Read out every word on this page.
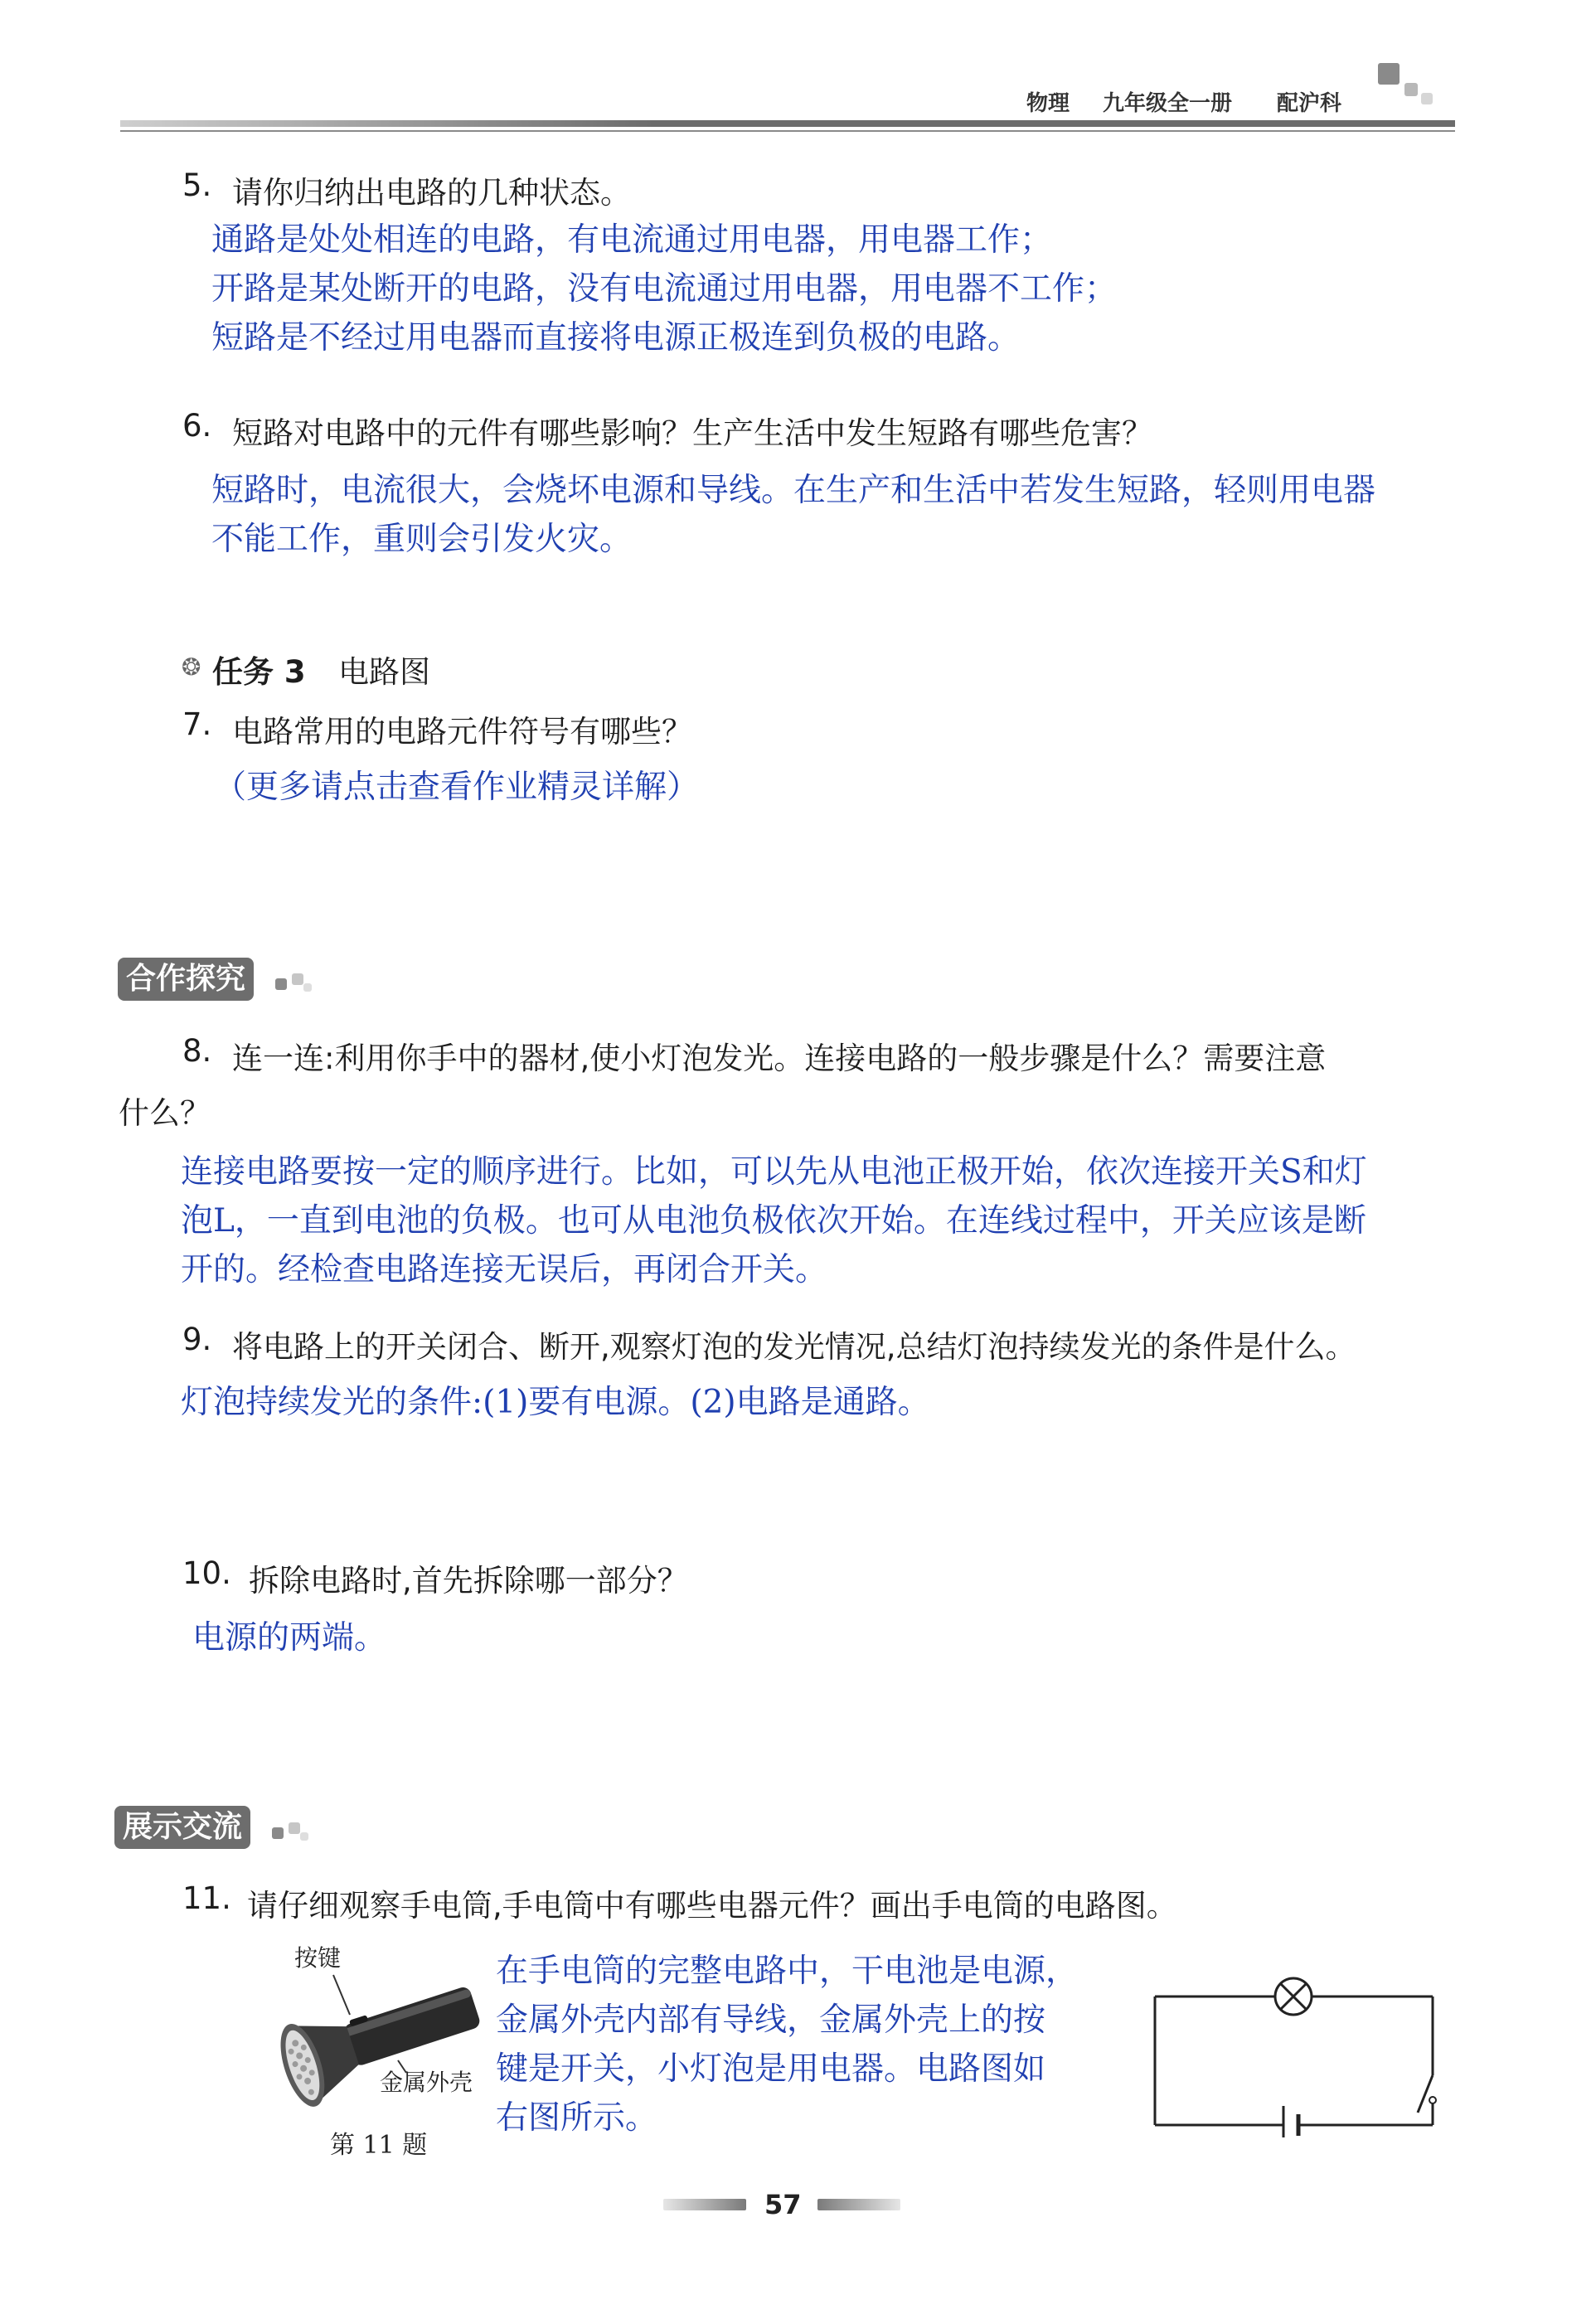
物理 九年级全一册 配沪科
5. 请你归纳出电路的几种状态。
通路是处处相连的电路，有电流通过用电器，用电器工作；
开路是某处断开的电路，没有电流通过用电器，用电器不工作；
短路是不经过用电器而直接将电源正极连到负极的电路。
6. 短路对电路中的元件有哪些影响？生产生活中发生短路有哪些危害？
短路时，电流很大，会烧坏电源和导线。在生产和生活中若发生短路，轻则用电器
不能工作，重则会引发火灾。
❂ 任务 3 电路图
7. 电路常用的电路元件符号有哪些？
（更多请点击查看作业精灵详解）
合作探究
8. 连一连:利用你手中的器材,使小灯泡发光。连接电路的一般步骤是什么？需要注意
什么？
连接电路要按一定的顺序进行。比如，可以先从电池正极开始，依次连接开关S和灯
泡L，一直到电池的负极。也可从电池负极依次开始。在连线过程中，开关应该是断
开的。经检查电路连接无误后，再闭合开关。
9. 将电路上的开关闭合、断开,观察灯泡的发光情况,总结灯泡持续发光的条件是什么。
灯泡持续发光的条件:(1)要有电源。(2)电路是通路。
10. 拆除电路时,首先拆除哪一部分？
电源的两端。
展示交流
11. 请仔细观察手电筒,手电筒中有哪些电器元件？画出手电筒的电路图。
按键
金属外壳
第 11 题
在手电筒的完整电路中，干电池是电源，
金属外壳内部有导线，金属外壳上的按
键是开关，小灯泡是用电器。电路图如
右图所示。
57
